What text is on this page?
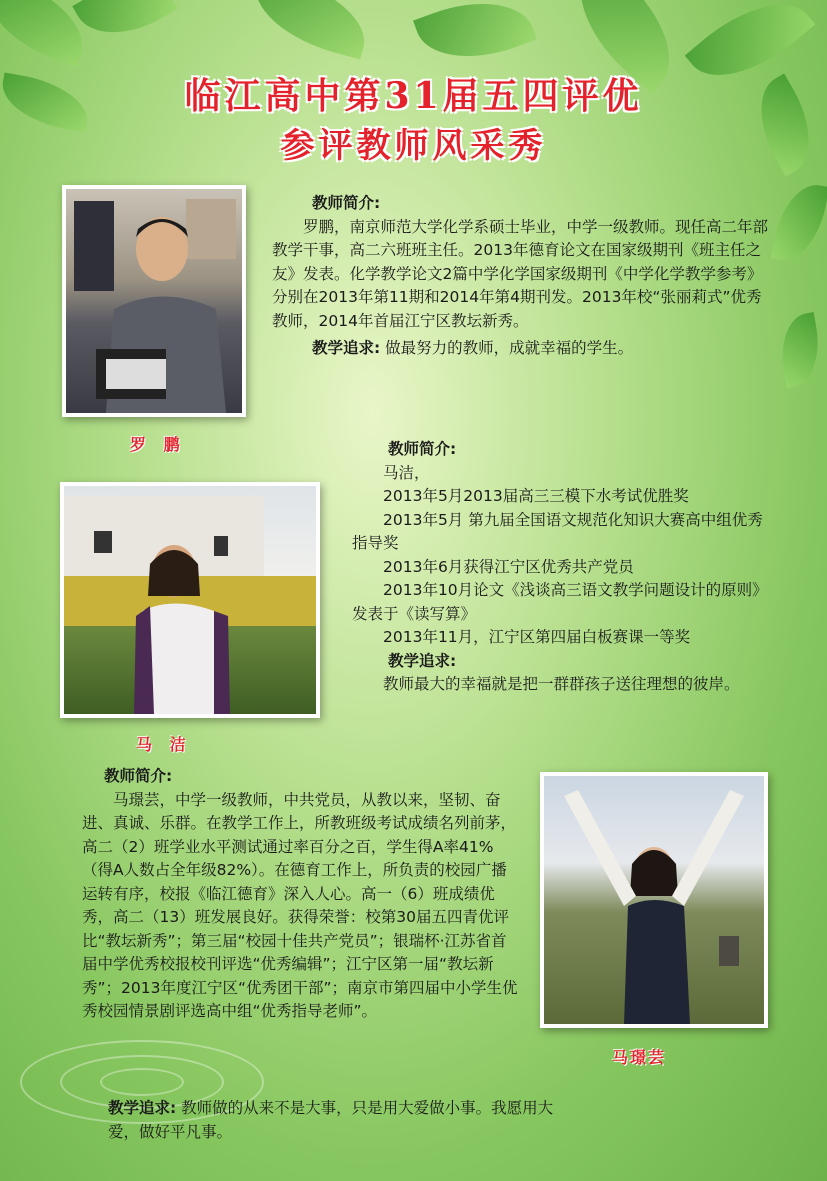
临江高中第31届五四评优
参评教师风采秀
罗 鹏
教师简介:
罗鹏，南京师范大学化学系硕士毕业，中学一级教师。现任高二年部教学干事，高二六班班主任。2013年德育论文在国家级期刊《班主任之友》发表。化学教学论文2篇中学化学国家级期刊《中学化学教学参考》分别在2013年第11期和2014年第4期刊发。2013年校“张丽莉式”优秀教师，2014年首届江宁区教坛新秀。
教学追求: 做最努力的教师，成就幸福的学生。
马 洁
教师简介:
马洁，
2013年5月2013届高三三模下水考试优胜奖
2013年5月 第九届全国语文规范化知识大赛高中组优秀指导奖
2013年6月获得江宁区优秀共产党员
2013年10月论文《浅谈高三语文教学问题设计的原则》发表于《读写算》
2013年11月，江宁区第四届白板赛课一等奖
教学追求:
教师最大的幸福就是把一群群孩子送往理想的彼岸。
教师简介:
马璟芸，中学一级教师，中共党员，从教以来，坚韧、奋进、真诚、乐群。在教学工作上，所教班级考试成绩名列前茅，高二（2）班学业水平测试通过率百分之百，学生得A率41%（得A人数占全年级82%）。在德育工作上，所负责的校园广播运转有序，校报《临江德育》深入人心。高一（6）班成绩优秀，高二（13）班发展良好。获得荣誉：校第30届五四青优评比“教坛新秀”；第三届“校园十佳共产党员”；银瑞杯·江苏省首届中学优秀校报校刊评选“优秀编辑”；江宁区第一届“教坛新秀”；2013年度江宁区“优秀团干部”；南京市第四届中小学生优秀校园情景剧评选高中组“优秀指导老师”。
教学追求: 教师做的从来不是大事，只是用大爱做小事。我愿用大爱，做好平凡事。
马璟芸
